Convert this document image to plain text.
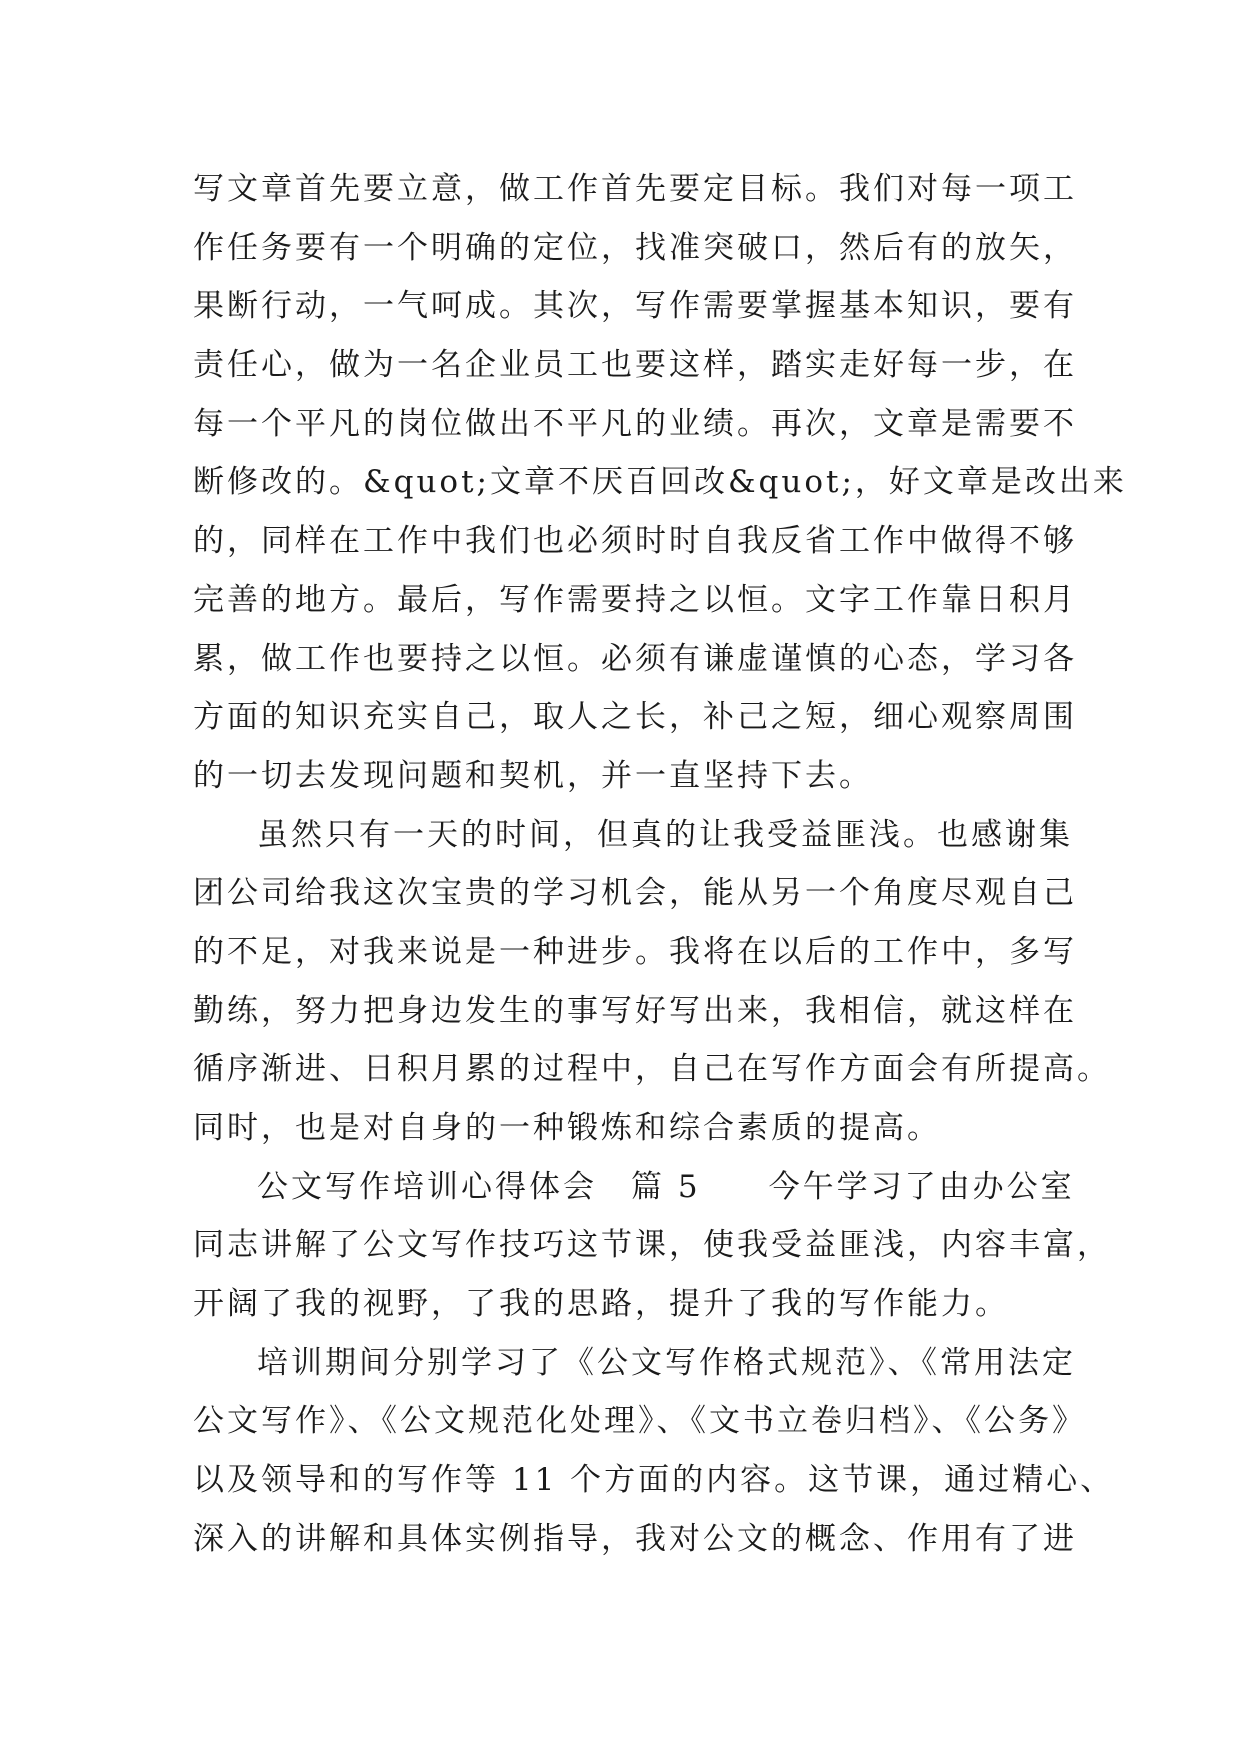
写文章首先要立意，做工作首先要定目标。我们对每一项工
作任务要有一个明确的定位，找准突破口，然后有的放矢，
果断行动，一气呵成。其次，写作需要掌握基本知识，要有
责任心，做为一名企业员工也要这样，踏实走好每一步，在
每一个平凡的岗位做出不平凡的业绩。再次，文章是需要不
断修改的。&quot;文章不厌百回改&quot;，好文章是改出来
的，同样在工作中我们也必须时时自我反省工作中做得不够
完善的地方。最后，写作需要持之以恒。文字工作靠日积月
累，做工作也要持之以恒。必须有谦虚谨慎的心态，学习各
方面的知识充实自己，取人之长，补己之短，细心观察周围
的一切去发现问题和契机，并一直坚持下去。

虽然只有一天的时间，但真的让我受益匪浅。也感谢集
团公司给我这次宝贵的学习机会，能从另一个角度尽观自己
的不足，对我来说是一种进步。我将在以后的工作中，多写
勤练，努力把身边发生的事写好写出来，我相信，就这样在
循序渐进、日积月累的过程中，自己在写作方面会有所提高。
同时，也是对自身的一种锻炼和综合素质的提高。

公文写作培训心得体会　篇 5　　今午学习了由办公室
同志讲解了公文写作技巧这节课，使我受益匪浅，内容丰富，
开阔了我的视野，了我的思路，提升了我的写作能力。

培训期间分别学习了《公文写作格式规范》、《常用法定
公文写作》、《公文规范化处理》、《文书立卷归档》、《公务》
以及领导和的写作等 11 个方面的内容。这节课，通过精心、
深入的讲解和具体实例指导，我对公文的概念、作用有了进
